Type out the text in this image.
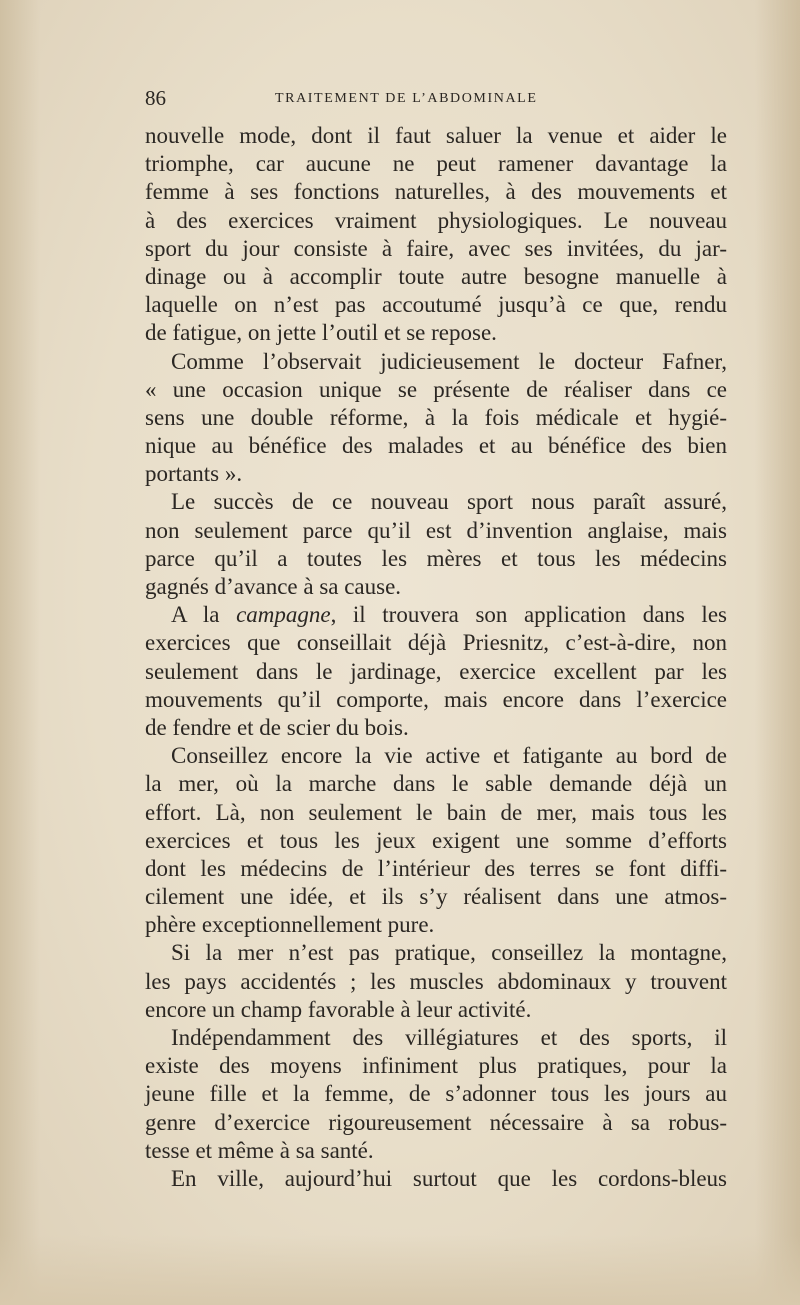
86	TRAITEMENT DE L’ABDOMINALE
nouvelle mode, dont il faut saluer la venue et aider le
triomphe, car aucune ne peut ramener davantage la
femme à ses fonctions naturelles, à des mouvements et
à des exercices vraiment physiologiques. Le nouveau
sport du jour consiste à faire, avec ses invitées, du jar-
dinage ou à accomplir toute autre besogne manuelle à
laquelle on n’est pas accoutumé jusqu’à ce que, rendu
de fatigue, on jette l’outil et se repose.
Comme l’observait judicieusement le docteur Fafner,
« une occasion unique se présente de réaliser dans ce
sens une double réforme, à la fois médicale et hygié-
nique au bénéfice des malades et au bénéfice des bien
portants ».
Le succès de ce nouveau sport nous paraît assuré,
non seulement parce qu’il est d’invention anglaise, mais
parce qu’il a toutes les mères et tous les médecins
gagnés d’avance à sa cause.
A la campagne, il trouvera son application dans les
exercices que conseillait déjà Priesnitz, c’est-à-dire, non
seulement dans le jardinage, exercice excellent par les
mouvements qu’il comporte, mais encore dans l’exercice
de fendre et de scier du bois.
Conseillez encore la vie active et fatigante au bord de
la mer, où la marche dans le sable demande déjà un
effort. Là, non seulement le bain de mer, mais tous les
exercices et tous les jeux exigent une somme d’efforts
dont les médecins de l’intérieur des terres se font diffi-
cilement une idée, et ils s’y réalisent dans une atmos-
phère exceptionnellement pure.
Si la mer n’est pas pratique, conseillez la montagne,
les pays accidentés ; les muscles abdominaux y trouvent
encore un champ favorable à leur activité.
Indépendamment des villégiatures et des sports, il
existe des moyens infiniment plus pratiques, pour la
jeune fille et la femme, de s’adonner tous les jours au
genre d’exercice rigoureusement nécessaire à sa robus-
tesse et même à sa santé.
En ville, aujourd’hui surtout que les cordons-bleus
